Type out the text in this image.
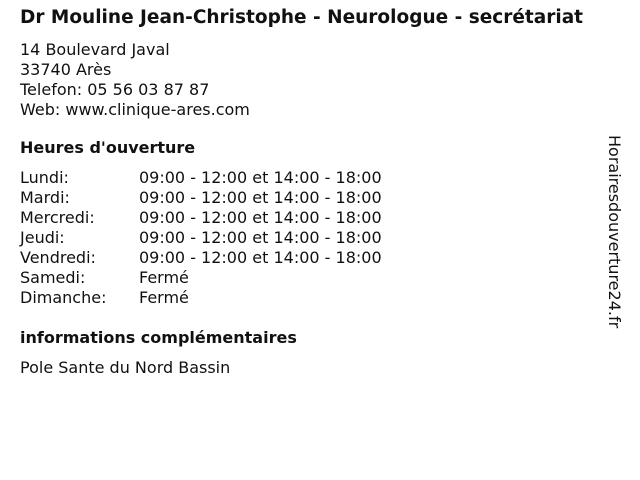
Dr Mouline Jean-Christophe - Neurologue - secrétariat
14 Boulevard Javal
33740 Arès
Telefon: 05 56 03 87 87
Web: www.clinique-ares.com
Heures d'ouverture
Lundi:	09:00 - 12:00 et 14:00 - 18:00
Mardi:	09:00 - 12:00 et 14:00 - 18:00
Mercredi:	09:00 - 12:00 et 14:00 - 18:00
Jeudi:	09:00 - 12:00 et 14:00 - 18:00
Vendredi:	09:00 - 12:00 et 14:00 - 18:00
Samedi:	Fermé
Dimanche:	Fermé
informations complémentaires
Pole Sante du Nord Bassin
Horairesdouverture24.fr
